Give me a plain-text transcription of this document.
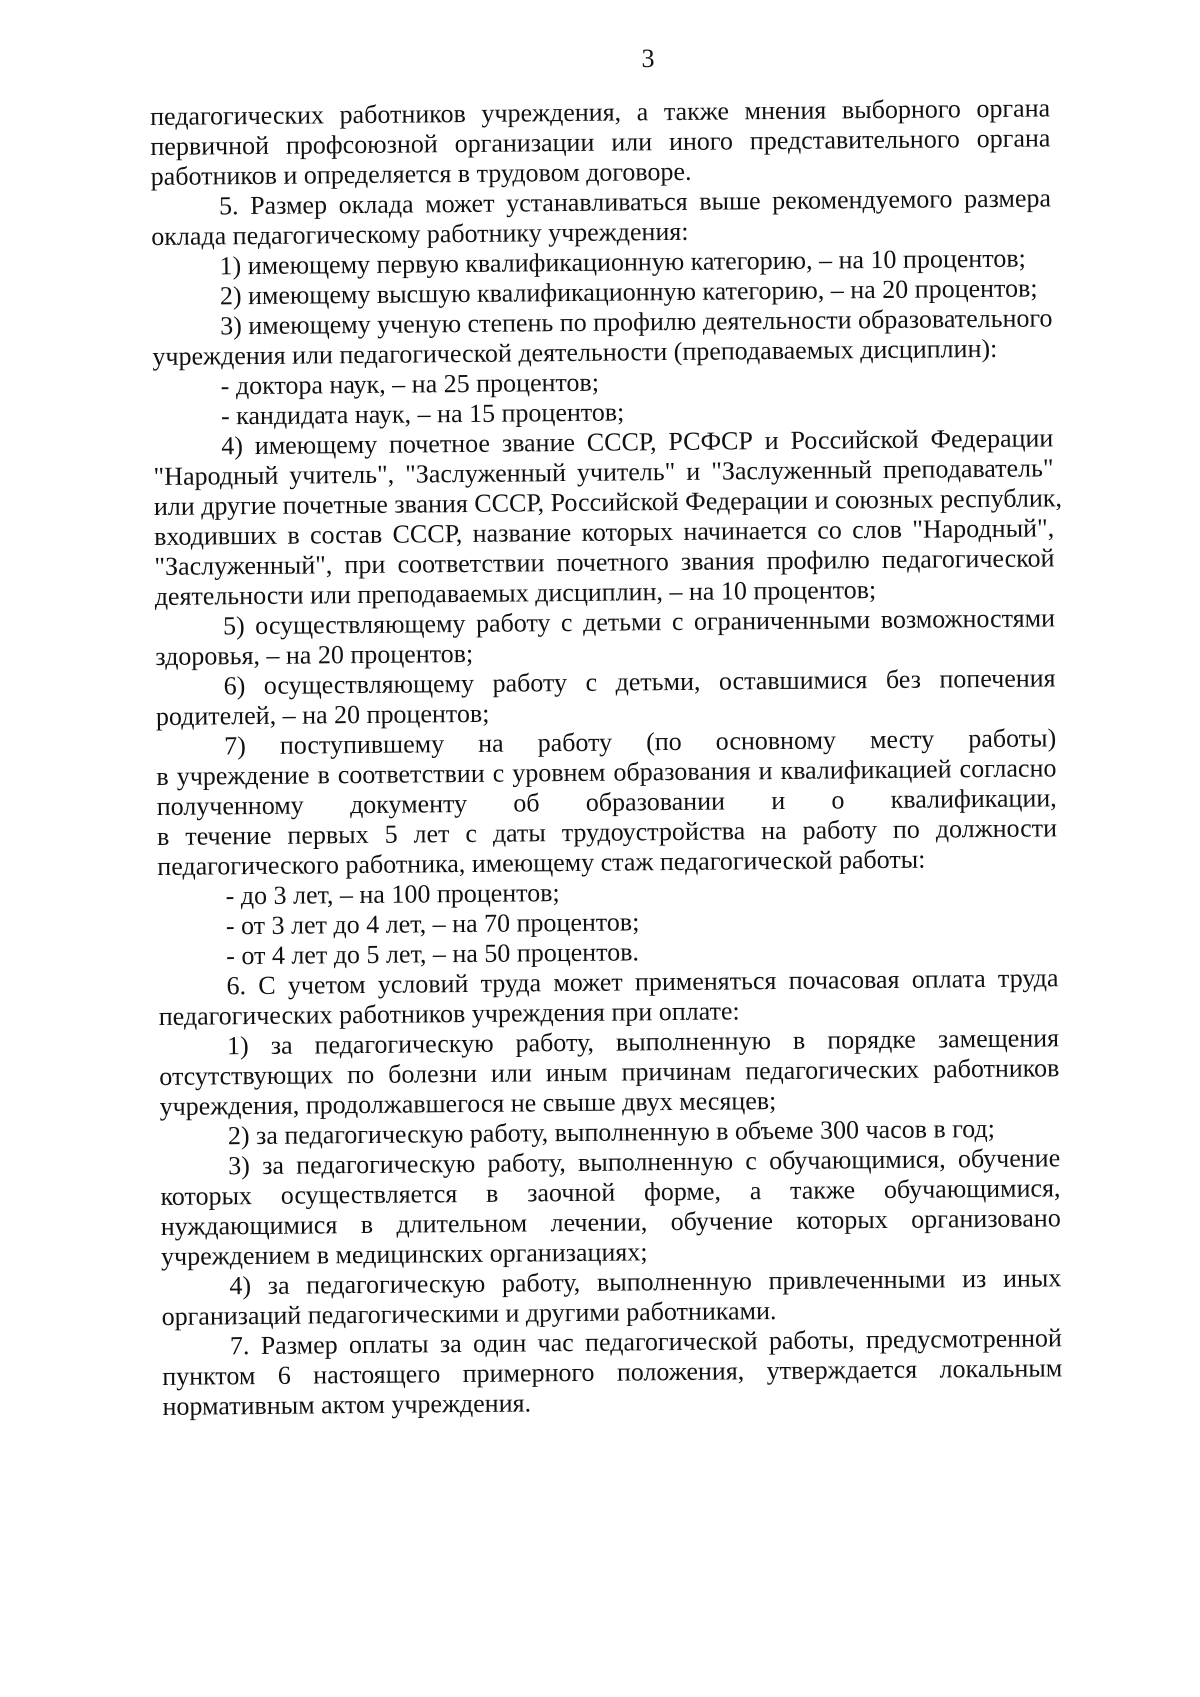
3
педагогических работников учреждения, а также мнения выборного органа
первичной профсоюзной организации или иного представительного органа
работников и определяется в трудовом договоре.
5. Размер оклада может устанавливаться выше рекомендуемого размера
оклада педагогическому работнику учреждения:
1) имеющему первую квалификационную категорию, – на 10 процентов;
2) имеющему высшую квалификационную категорию, – на 20 процентов;
3) имеющему ученую степень по профилю деятельности образовательного
учреждения или педагогической деятельности (преподаваемых дисциплин):
- доктора наук, – на 25 процентов;
- кандидата наук, – на 15 процентов;
4) имеющему почетное звание СССР, РСФСР и Российской Федерации
"Народный учитель", "Заслуженный учитель" и "Заслуженный преподаватель"
или другие почетные звания СССР, Российской Федерации и союзных республик,
входивших в состав СССР, название которых начинается со слов "Народный",
"Заслуженный", при соответствии почетного звания профилю педагогической
деятельности или преподаваемых дисциплин, – на 10 процентов;
5) осуществляющему работу с детьми с ограниченными возможностями
здоровья, – на 20 процентов;
6) осуществляющему работу с детьми, оставшимися без попечения
родителей, – на 20 процентов;
7) поступившему на работу (по основному месту работы)
в учреждение в соответствии с уровнем образования и квалификацией согласно
полученному документу об образовании и о квалификации,
в течение первых 5 лет с даты трудоустройства на работу по должности
педагогического работника, имеющему стаж педагогической работы:
- до 3 лет, – на 100 процентов;
- от 3 лет до 4 лет, – на 70 процентов;
- от 4 лет до 5 лет, – на 50 процентов.
6. С учетом условий труда может применяться почасовая оплата труда
педагогических работников учреждения при оплате:
1) за педагогическую работу, выполненную в порядке замещения
отсутствующих по болезни или иным причинам педагогических работников
учреждения, продолжавшегося не свыше двух месяцев;
2) за педагогическую работу, выполненную в объеме 300 часов в год;
3) за педагогическую работу, выполненную с обучающимися, обучение
которых осуществляется в заочной форме, а также обучающимися,
нуждающимися в длительном лечении, обучение которых организовано
учреждением в медицинских организациях;
4) за педагогическую работу, выполненную привлеченными из иных
организаций педагогическими и другими работниками.
7. Размер оплаты за один час педагогической работы, предусмотренной
пунктом 6 настоящего примерного положения, утверждается локальным
нормативным актом учреждения.
